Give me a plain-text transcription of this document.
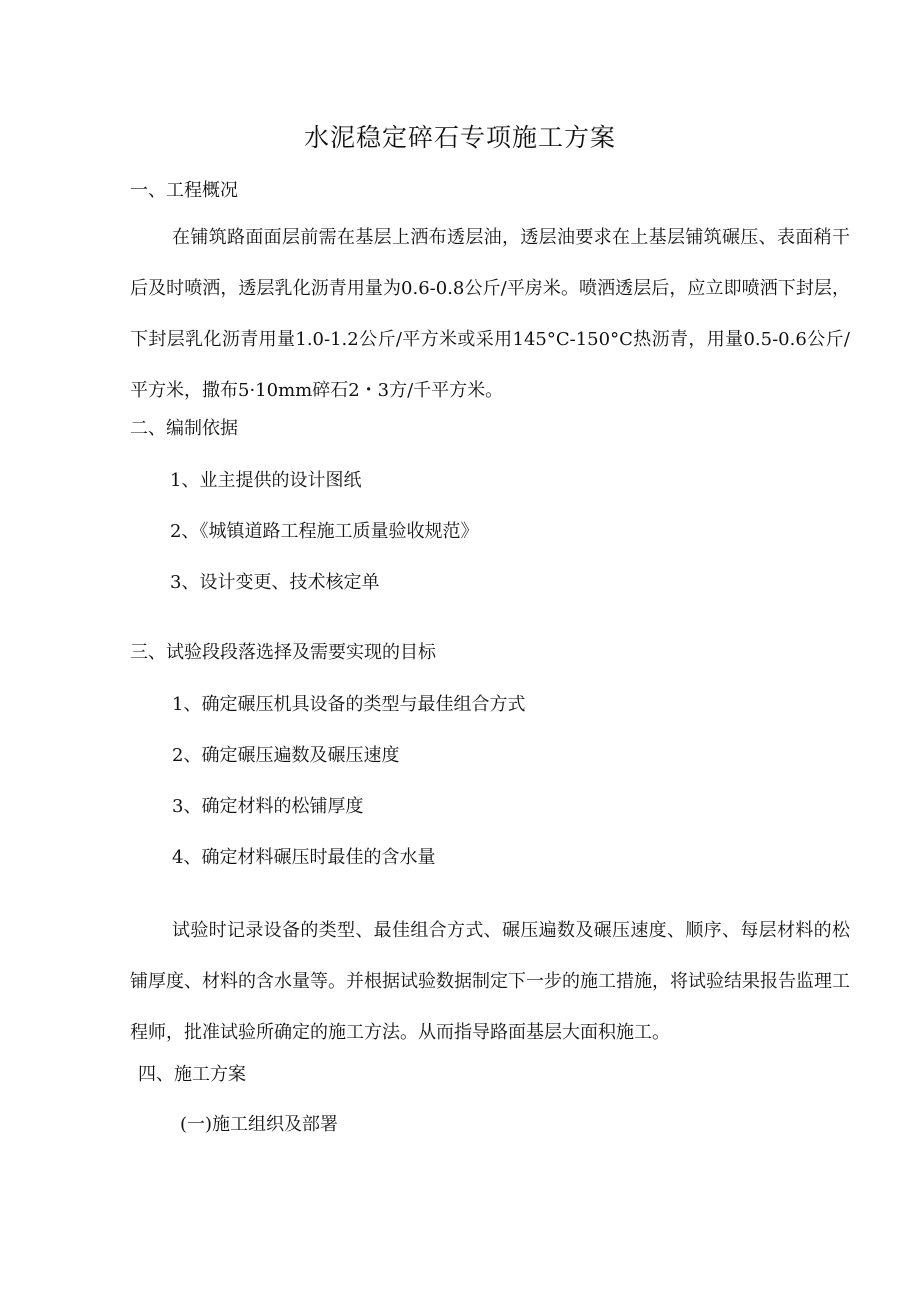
水泥稳定碎石专项施工方案
一、工程概况
在铺筑路面面层前需在基层上洒布透层油，透层油要求在上基层铺筑碾压、表面稍干后及时喷洒，透层乳化沥青用量为0.6-0.8公斤/平房米。喷洒透层后，应立即喷洒下封层，下封层乳化沥青用量1.0-1.2公斤/平方米或采用145°C-150°C热沥青，用量0.5-0.6公斤/平方米，撒布5·10mm碎石2・3方/千平方米。
二、编制依据
1、业主提供的设计图纸
2、《城镇道路工程施工质量验收规范》
3、设计变更、技术核定单
三、试验段段落选择及需要实现的目标
1、确定碾压机具设备的类型与最佳组合方式
2、确定碾压遍数及碾压速度
3、确定材料的松铺厚度
4、确定材料碾压时最佳的含水量
试验时记录设备的类型、最佳组合方式、碾压遍数及碾压速度、顺序、每层材料的松铺厚度、材料的含水量等。并根据试验数据制定下一步的施工措施，将试验结果报告监理工程师，批准试验所确定的施工方法。从而指导路面基层大面积施工。
四、施工方案
(一)施工组织及部署
